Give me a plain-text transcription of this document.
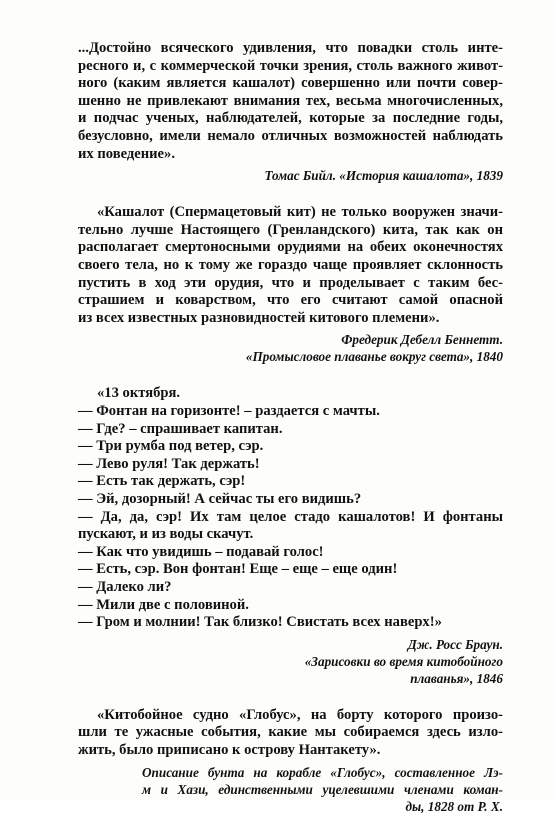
...Достойно всяческого удивления, что повадки столь инте-
ресного и, с коммерческой точки зрения, столь важного живот-
ного (каким является кашалот) совершенно или почти совер-
шенно не привлекают внимания тех, весьма многочисленных,
и подчас ученых, наблюдателей, которые за последние годы,
безусловно, имели немало отличных возможностей наблюдать
их поведение».
Томас Бийл. «История кашалота», 1839
«Кашалот (Спермацетовый кит) не только вооружен значи-
тельно лучше Настоящего (Гренландского) кита, так как он
располагает смертоносными орудиями на обеих оконечностях
своего тела, но к тому же гораздо чаще проявляет склонность
пустить в ход эти орудия, что и проделывает с таким бес-
страшием и коварством, что его считают самой опасной
из всех известных разновидностей китового племени».
Фредерик Дебелл Беннетт.
«Промысловое плаванье вокруг света», 1840
«13 октября.
— Фонтан на горизонте! – раздается с мачты.
— Где? – спрашивает капитан.
— Три румба под ветер, сэр.
— Лево руля! Так держать!
— Есть так держать, сэр!
— Эй, дозорный! А сейчас ты его видишь?
— Да, да, сэр! Их там целое стадо кашалотов! И фонтаны
пускают, и из воды скачут.
— Как что увидишь – подавай голос!
— Есть, сэр. Вон фонтан! Еще – еще – еще один!
— Далеко ли?
— Мили две с половиной.
— Гром и молнии! Так близко! Свистать всех наверх!»
Дж. Росс Браун.
«Зарисовки во время китобойного
плаванья», 1846
«Китобойное судно «Глобус», на борту которого произо-
шли те ужасные события, какие мы собираемся здесь изло-
жить, было приписано к острову Нантакету».
Описание бунта на корабле «Глобус», составленное Лэ-
м и Хази, единственными уцелевшими членами коман-
ды, 1828 от Р. Х.
